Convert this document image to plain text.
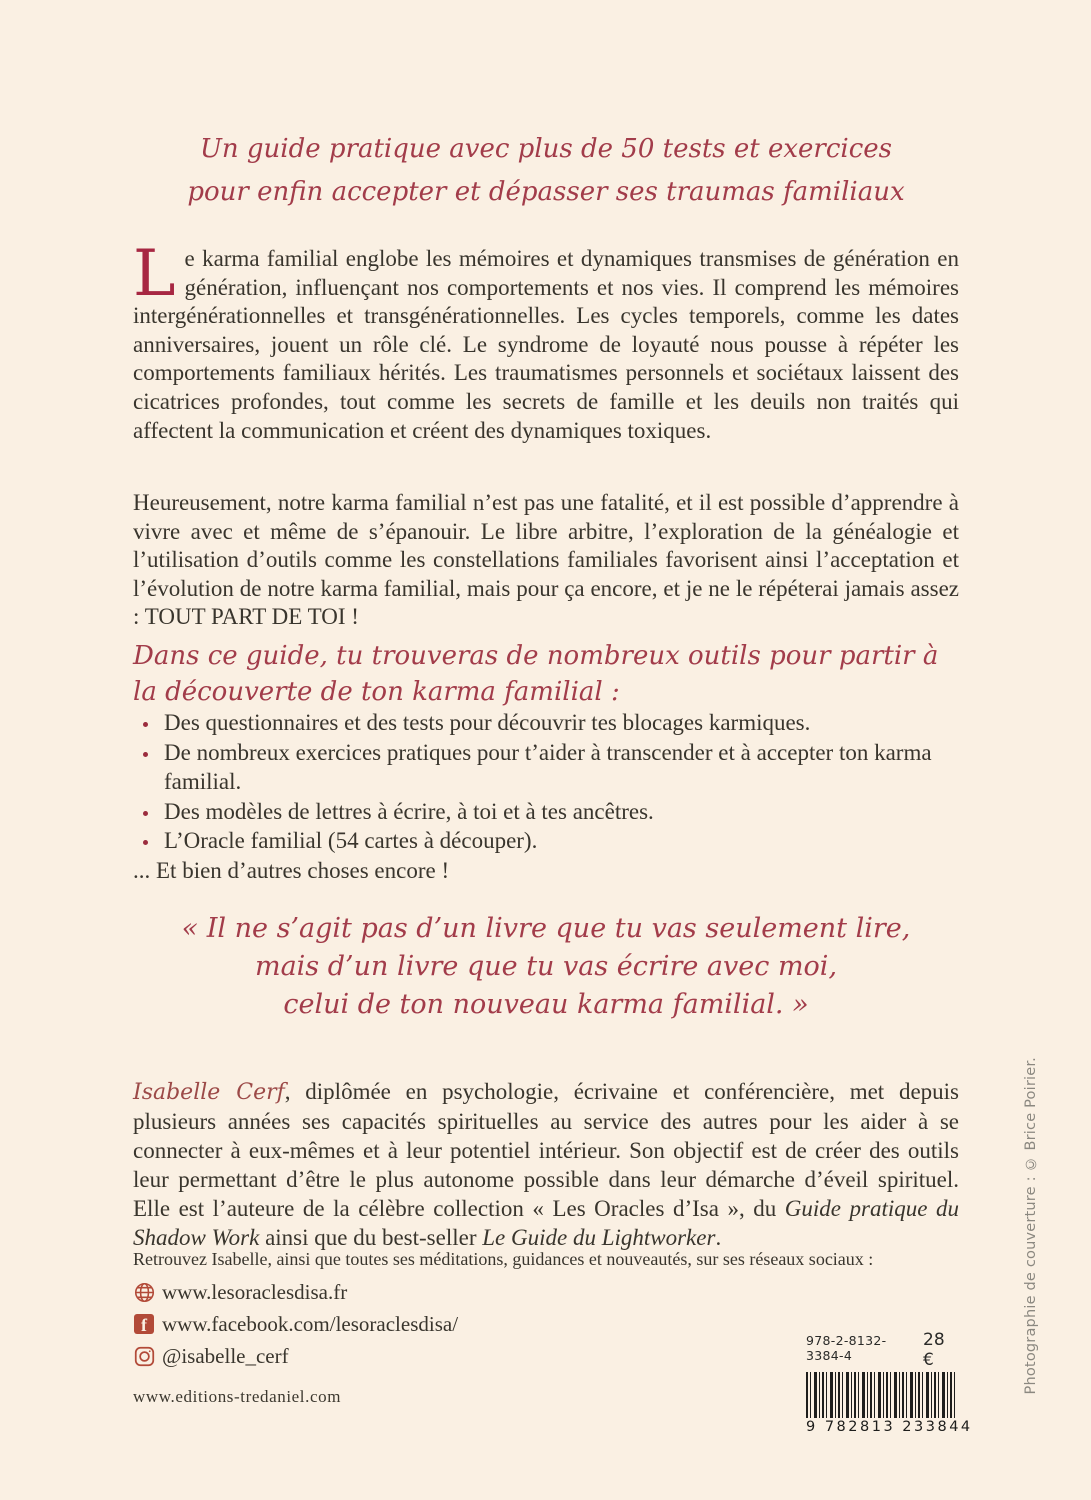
Un guide pratique avec plus de 50 tests et exercices
pour enfin accepter et dépasser ses traumas familiaux

Le karma familial englobe les mémoires et dynamiques transmises de génération en génération, influençant nos comportements et nos vies. Il comprend les mémoires intergénérationnelles et transgénérationnelles. Les cycles temporels, comme les dates anniversaires, jouent un rôle clé. Le syndrome de loyauté nous pousse à répéter les comportements familiaux hérités. Les traumatismes personnels et sociétaux laissent des cicatrices profondes, tout comme les secrets de famille et les deuils non traités qui affectent la communication et créent des dynamiques toxiques.

Heureusement, notre karma familial n’est pas une fatalité, et il est possible d’apprendre à vivre avec et même de s’épanouir. Le libre arbitre, l’exploration de la généalogie et l’utilisation d’outils comme les constellations familiales favorisent ainsi l’acceptation et l’évolution de notre karma familial, mais pour ça encore, et je ne le répéterai jamais assez : TOUT PART DE TOI !

Dans ce guide, tu trouveras de nombreux outils pour partir à la découverte de ton karma familial :
• Des questionnaires et des tests pour découvrir tes blocages karmiques.
• De nombreux exercices pratiques pour t’aider à transcender et à accepter ton karma familial.
• Des modèles de lettres à écrire, à toi et à tes ancêtres.
• L’Oracle familial (54 cartes à découper).

... Et bien d’autres choses encore !

« Il ne s’agit pas d’un livre que tu vas seulement lire,
mais d’un livre que tu vas écrire avec moi,
celui de ton nouveau karma familial. »

Isabelle Cerf, diplômée en psychologie, écrivaine et conférencière, met depuis plusieurs années ses capacités spirituelles au service des autres pour les aider à se connecter à eux-mêmes et à leur potentiel intérieur. Son objectif est de créer des outils leur permettant d’être le plus autonome possible dans leur démarche d’éveil spirituel. Elle est l’auteure de la célèbre collection « Les Oracles d’Isa », du Guide pratique du Shadow Work ainsi que du best-seller Le Guide du Lightworker.

Retrouvez Isabelle, ainsi que toutes ses méditations, guidances et nouveautés, sur ses réseaux sociaux :
www.lesoraclesdisa.fr
f www.facebook.com/lesoraclesdisa/
@isabelle_cerf
www.editions-tredaniel.com
978-2-8132-3384-4
28 €
9 782813 233844
Photographie de couverture : © Brice Poirier.
